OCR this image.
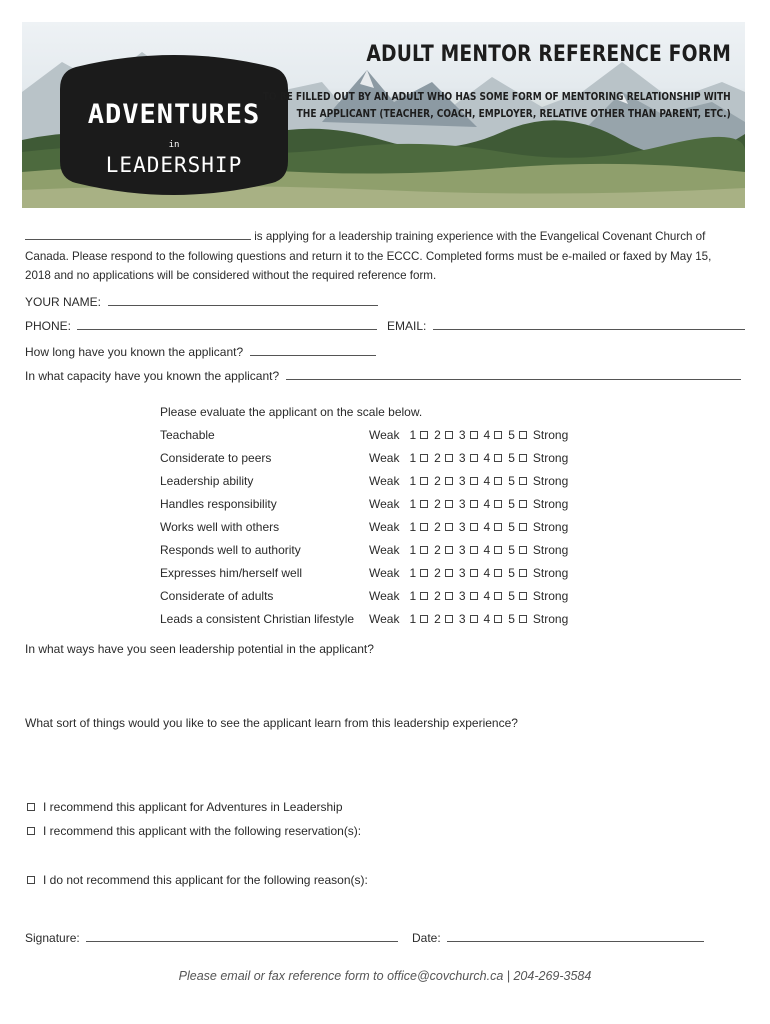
ADVENTURES
in
LEADERSHIP
ADULT MENTOR REFERENCE FORM
TO BE FILLED OUT BY AN ADULT WHO HAS SOME FORM OF MENTORING RELATIONSHIP WITH
THE APPLICANT (TEACHER, COACH, EMPLOYER, RELATIVE OTHER THAN PARENT, ETC.)
is applying for a leadership training experience with the Evangelical Covenant Church of Canada. Please respond to the following questions and return it to the ECCC. Completed forms must be e-mailed or faxed by May 15, 2018 and no applications will be considered without the required reference form.
YOUR NAME:
PHONE:	EMAIL:
How long have you known the applicant?
In what capacity have you known the applicant?
Please evaluate the applicant on the scale below.
Teachable	Weak 1 2 3 4 5 Strong
Considerate to peers	Weak 1 2 3 4 5 Strong
Leadership ability	Weak 1 2 3 4 5 Strong
Handles responsibility	Weak 1 2 3 4 5 Strong
Works well with others	Weak 1 2 3 4 5 Strong
Responds well to authority	Weak 1 2 3 4 5 Strong
Expresses him/herself well	Weak 1 2 3 4 5 Strong
Considerate of adults	Weak 1 2 3 4 5 Strong
Leads a consistent Christian lifestyle Weak 1 2 3 4 5 Strong
In what ways have you seen leadership potential in the applicant?
What sort of things would you like to see the applicant learn from this leadership experience?
I recommend this applicant for Adventures in Leadership
I recommend this applicant with the following reservation(s):
I do not recommend this applicant for the following reason(s):
Signature:	Date:
Please email or fax reference form to office@covchurch.ca | 204-269-3584
